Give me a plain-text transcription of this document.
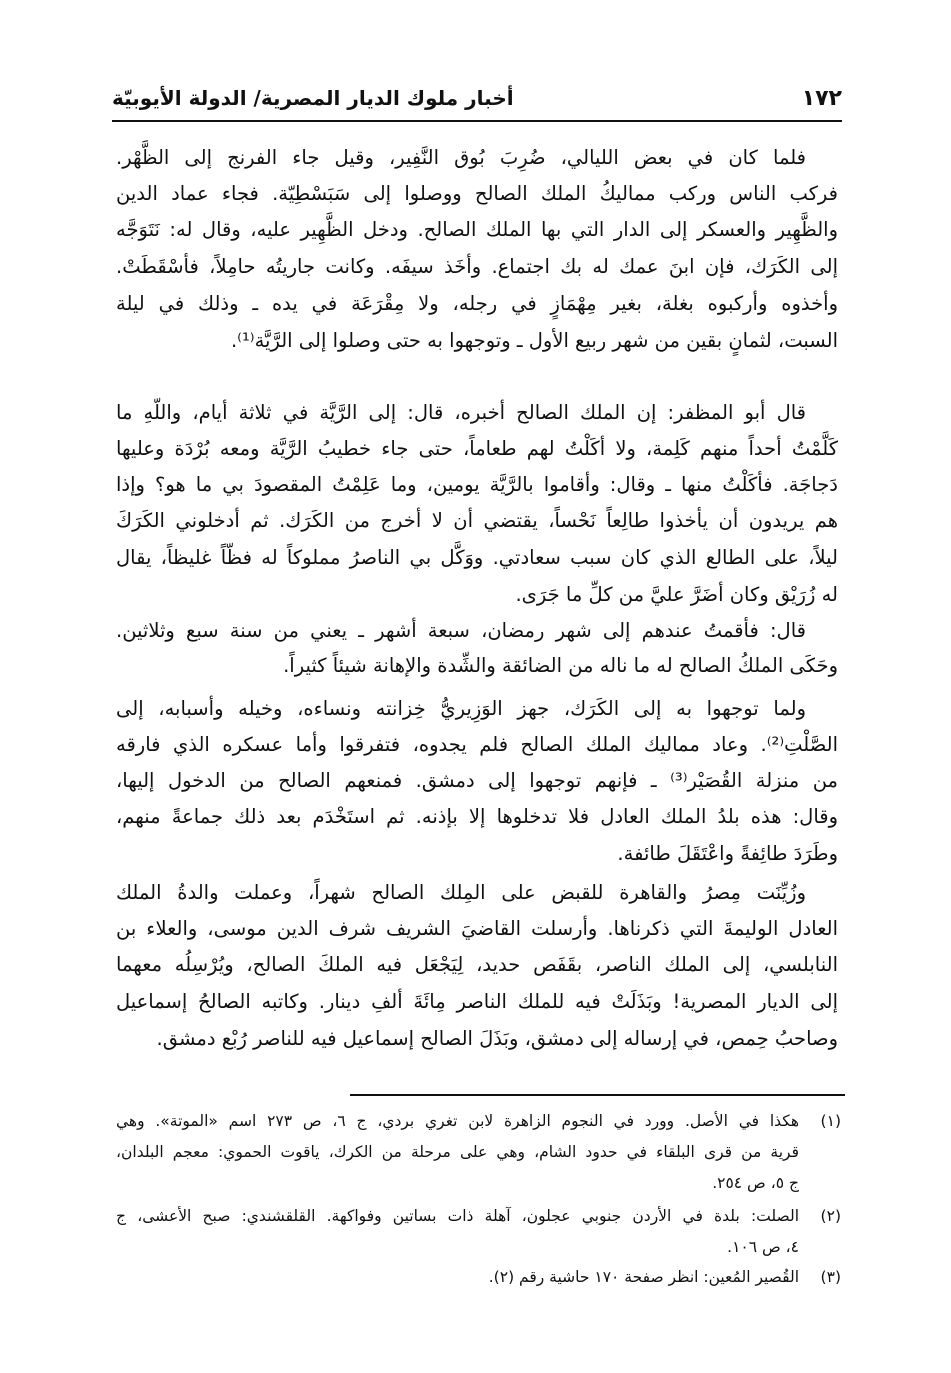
١٧٢
أخبار ملوك الديار المصرية/ الدولة الأيوبيّة
فلما كان في بعض الليالي، ضُرِبَ بُوق النَّفِير، وقيل جاء الفرنج إلى الظَّهْر.
فركب الناس وركب مماليكُ الملك الصالح ووصلوا إلى سَبَسْطِيّة. فجاء عماد الدين
والظَّهِير والعسكر إلى الدار التي بها الملك الصالح. ودخل الظَّهِير عليه، وقال له: نَتَوَجَّه
إلى الكَرَك، فإن ابنَ عمك له بك اجتماع. وأخَذ سيفَه. وكانت جاريتُه حامِلاً، فأسْقَطَتْ.
وأخذوه وأركبوه بغلة، بغير مِهْمَازٍ في رجله، ولا مِقْرَعَة في يده ـ وذلك في ليلة
السبت، لثمانٍ بقين من شهر ربيع الأول ـ وتوجهوا به حتى وصلوا إلى الرَّيَّة⁽¹⁾.
قال أبو المظفر: إن الملك الصالح أخبره، قال: إلى الرَّيَّة في ثلاثة أيام، واللّهِ ما
كَلَّمْتُ أحداً منهم كَلِمة، ولا أكَلْتُ لهم طعاماً، حتى جاء خطيبُ الرَّيَّة ومعه بُرْدَة وعليها
دَجاجَة. فأكَلْتُ منها ـ وقال: وأقاموا بالرَّيَّة يومين، وما عَلِمْتُ المقصودَ بي ما هو؟ وإذا
هم يريدون أن يأخذوا طالِعاً نَحْساً، يقتضي أن لا أخرج من الكَرَك. ثم أدخلوني الكَرَكَ
ليلاً، على الطالع الذي كان سبب سعادتي. ووَكَّل بي الناصرُ مملوكاً له فظّاً غليظاً، يقال
له زُرَيْق وكان أضَرَّ عليَّ من كلِّ ما جَرَى.
قال: فأقمتُ عندهم إلى شهر رمضان، سبعة أشهر ـ يعني من سنة سبع وثلاثين.
وحَكَى الملكُ الصالح له ما ناله من الضائقة والشِّدة والإهانة شيئاً كثيراً.
ولما توجهوا به إلى الكَرَك، جهز الوَزِيريُّ خِزانته ونساءه، وخيله وأسبابه، إلى
الصَّلْتِ⁽²⁾. وعاد مماليك الملك الصالح فلم يجدوه، فتفرقوا وأما عسكره الذي فارقه
من منزلة القُصَيْر⁽³⁾ ـ فإنهم توجهوا إلى دمشق. فمنعهم الصالح من الدخول إليها،
وقال: هذه بلدُ الملك العادل فلا تدخلوها إلا بإذنه. ثم استَخْدَم بعد ذلك جماعةً منهم،
وطَرَدَ طائِفةً واعْتَقَلَ طائفة.
وزُيِّنَت مِصرُ والقاهرة للقبض على المِلك الصالح شهراً، وعملت والدةُ الملك
العادل الوليمةَ التي ذكرناها. وأرسلت القاضيَ الشريف شرف الدين موسى، والعلاء بن
النابلسي، إلى الملك الناصر، بقَفَص حديد، لِيَجْعَل فيه الملكَ الصالح، ويُرْسِلُه معهما
إلى الديار المصرية! وبَذَلَتْ فيه للملك الناصر مِائَةَ ألفِ دينار. وكاتبه الصالحُ إسماعيل
وصاحبُ حِمص، في إرساله إلى دمشق، وبَذَلَ الصالح إسماعيل فيه للناصر رُبْع دمشق.
(١)
هكذا في الأصل. وورد في النجوم الزاهرة لابن تغري بردي، ج ٦، ص ٢٧٣ اسم «الموتة». وهي
قرية من قرى البلقاء في حدود الشام، وهي على مرحلة من الكرك، ياقوت الحموي: معجم البلدان،
ج ٥، ص ٢٥٤.
(٢)
الصلت: بلدة في الأردن جنوبي عجلون، آهلة ذات بساتين وفواكهة. القلقشندي: صبح الأعشى، ج
٤، ص ١٠٦.
(٣)
القُصير المُعين: انظر صفحة ١٧٠ حاشية رقم (٢).
